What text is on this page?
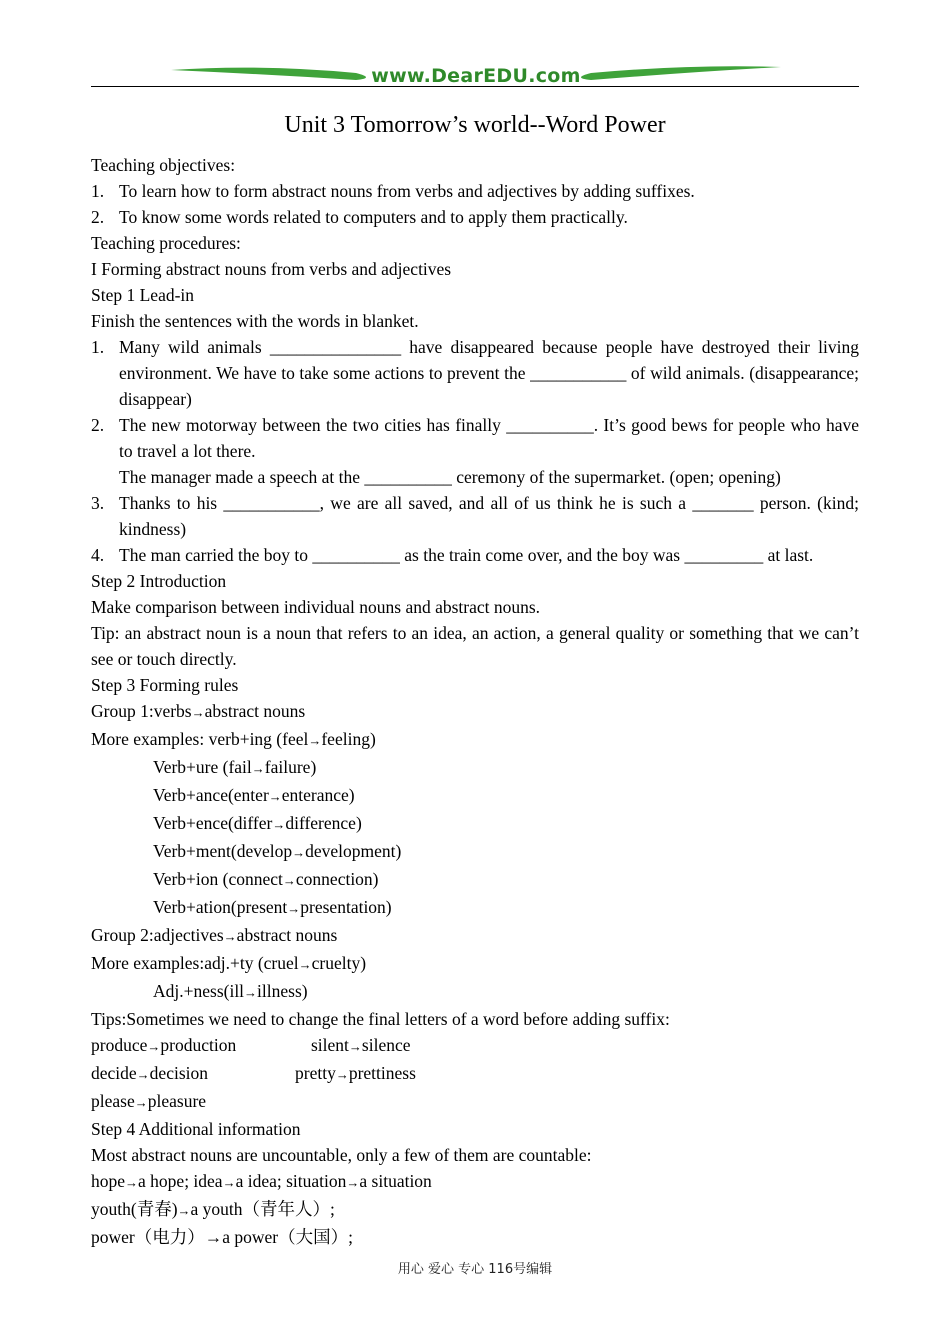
www.DearEDU.com
Unit 3 Tomorrow’s world--Word Power
Teaching objectives:
1. To learn how to form abstract nouns from verbs and adjectives by adding suffixes.
2. To know some words related to computers and to apply them practically.
Teaching procedures:
I Forming abstract nouns from verbs and adjectives
Step 1 Lead-in
Finish the sentences with the words in blanket.
1. Many wild animals _______________ have disappeared because people have destroyed their living environment. We have to take some actions to prevent the ___________ of wild animals. (disappearance; disappear)
2. The new motorway between the two cities has finally __________. It’s good bews for people who have to travel a lot there.
The manager made a speech at the __________ ceremony of the supermarket. (open; opening)
3. Thanks to his ___________, we are all saved, and all of us think he is such a _______ person. (kind; kindness)
4. The man carried the boy to __________ as the train come over, and the boy was _________ at last.
Step 2 Introduction
Make comparison between individual nouns and abstract nouns.
Tip: an abstract noun is a noun that refers to an idea, an action, a general quality or something that we can’t see or touch directly.
Step 3 Forming rules
Group 1:verbs→abstract nouns
More examples: verb+ing (feel→feeling)
Verb+ure (fail→failure)
Verb+ance(enter→enterance)
Verb+ence(differ→difference)
Verb+ment(develop→development)
Verb+ion (connect→connection)
Verb+ation(present→presentation)
Group 2:adjectives→abstract nouns
More examples:adj.+ty (cruel→cruelty)
Adj.+ness(ill→illness)
Tips:Sometimes we need to change the final letters of a word before adding suffix:
produce→production	silent→silence
decide→decision	pretty→prettiness
please→pleasure
Step 4 Additional information
Most abstract nouns are uncountable, only a few of them are countable:
hope→a hope; idea→a idea; situation→a situation
youth(青春)→a youth（青年人）;
power（电力）→a power（大国）;
用心 爱心 专心 116号编辑
